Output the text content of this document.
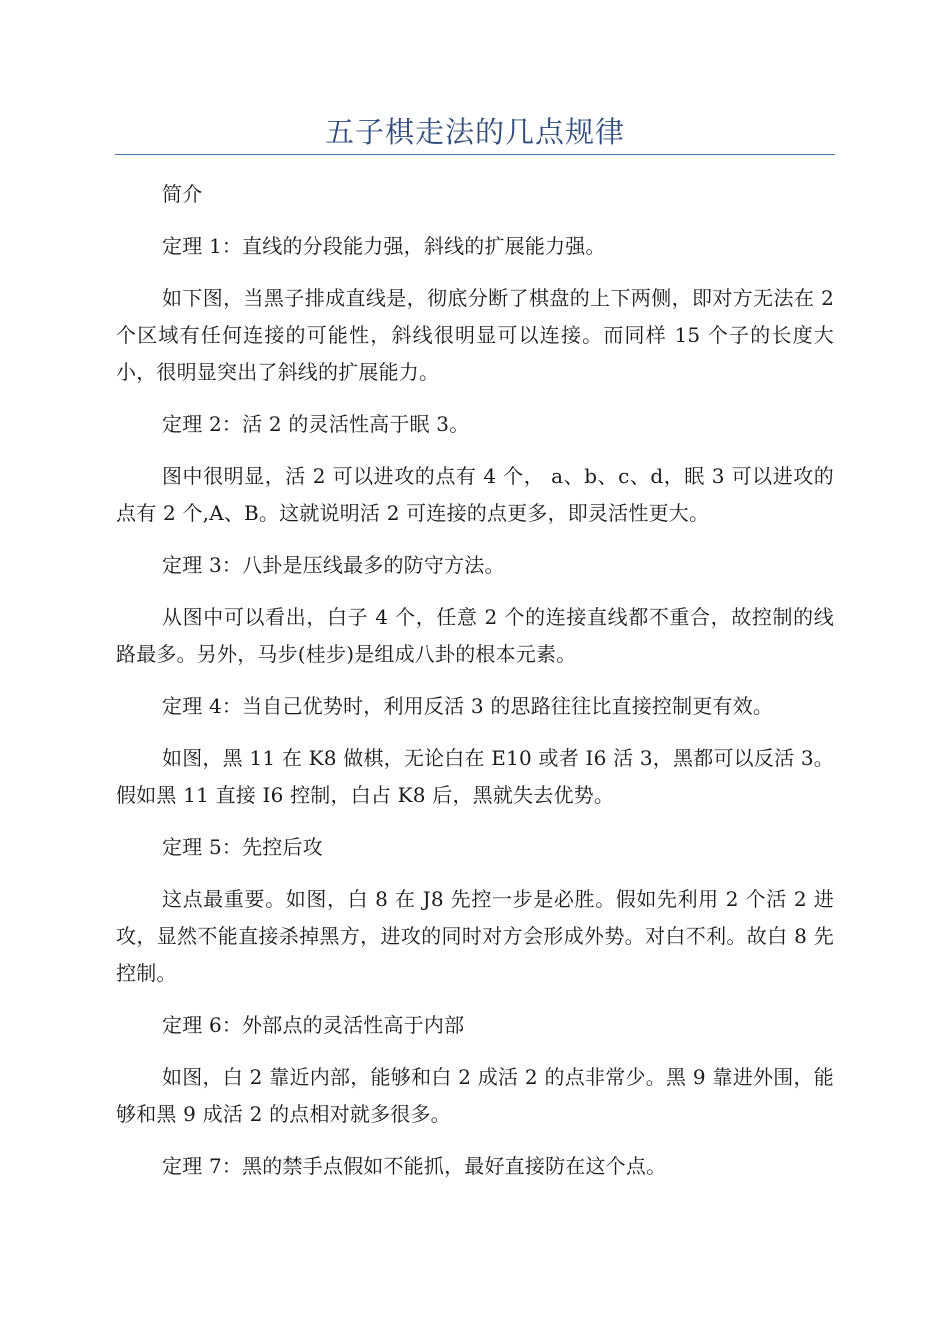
五子棋走法的几点规律

简介

定理 1：直线的分段能力强，斜线的扩展能力强。

如下图，当黑子排成直线是，彻底分断了棋盘的上下两侧，即对方无法在 2 个区域有任何连接的可能性，斜线很明显可以连接。而同样 15 个子的长度大小，很明显突出了斜线的扩展能力。

定理 2：活 2 的灵活性高于眠 3。

图中很明显，活 2 可以进攻的点有 4 个， a、b、c、d，眠 3 可以进攻的点有 2 个,A、B。这就说明活 2 可连接的点更多，即灵活性更大。

定理 3：八卦是压线最多的防守方法。

从图中可以看出，白子 4 个，任意 2 个的连接直线都不重合，故控制的线路最多。另外，马步(桂步)是组成八卦的根本元素。

定理 4：当自己优势时，利用反活 3 的思路往往比直接控制更有效。

如图，黑 11 在 K8 做棋，无论白在 E10 或者 I6 活 3，黑都可以反活 3。假如黑 11 直接 I6 控制，白占 K8 后，黑就失去优势。

定理 5：先控后攻

这点最重要。如图，白 8 在 J8 先控一步是必胜。假如先利用 2 个活 2 进攻，显然不能直接杀掉黑方，进攻的同时对方会形成外势。对白不利。故白 8 先控制。

定理 6：外部点的灵活性高于内部

如图，白 2 靠近内部，能够和白 2 成活 2 的点非常少。黑 9 靠进外围，能够和黑 9 成活 2 的点相对就多很多。

定理 7：黑的禁手点假如不能抓，最好直接防在这个点。
